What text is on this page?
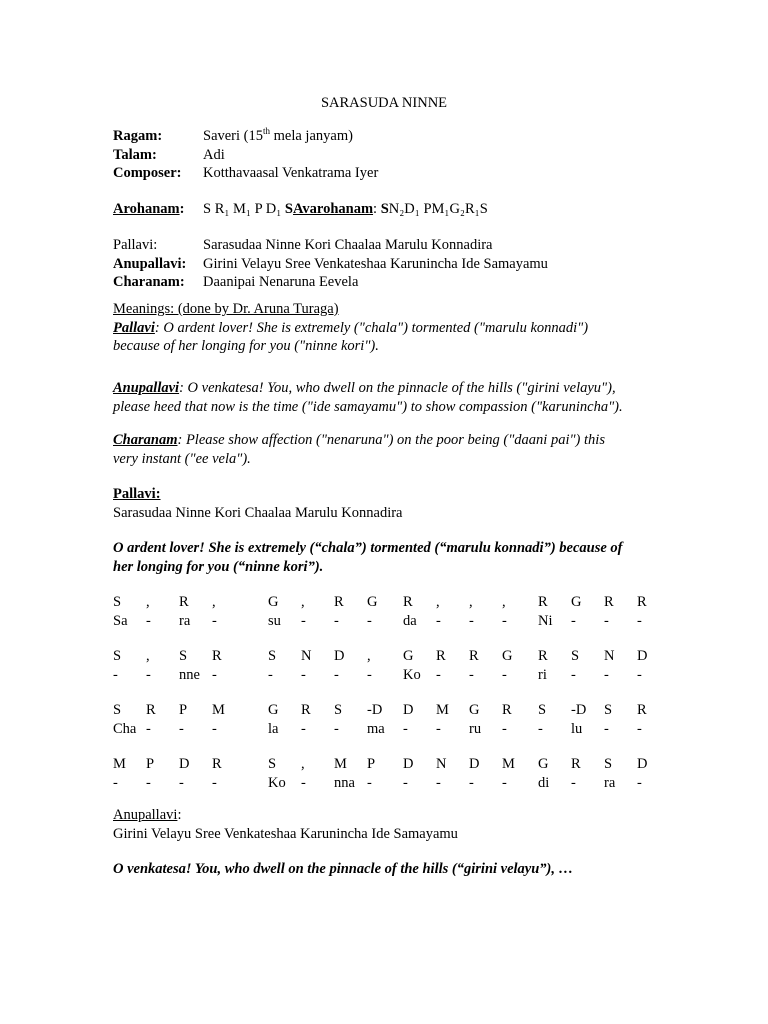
SARASUDA NINNE
Ragam:	Saveri (15th mela janyam)
Talam:	Adi
Composer: Kotthavaasal Venkatrama Iyer
Arohanam: S R₁ M₁ P D₁ SAvarohanam: SN₂D₁ PM₁G₂R₁S
Pallavi:	Sarasudaa Ninne Kori Chaalaa Marulu Konnadira
Anupallavi: Girini Velayu Sree Venkateshaa Karunincha Ide Samayamu
Charanam: Daanipai Nenaruna Eevela
Meanings: (done by Dr. Aruna Turaga)
Pallavi: O ardent lover! She is extremely ("chala") tormented ("marulu konnadi")
because of her longing for you ("ninne kori").
Anupallavi: O venkatesa! You, who dwell on the pinnacle of the hills ("girini velayu"),
please heed that now is the time ("ide samayamu") to show compassion ("karunincha").
Charanam: Please show affection ("nenaruna") on the poor being ("daani pai") this
very instant ("ee vela").
Pallavi:
Sarasudaa Ninne Kori Chaalaa Marulu Konnadira
O ardent lover! She is extremely (“chala”) tormented (“marulu konnadi”) because of
her longing for you (“ninne kori”).
S , R ,	G , R G R , , , R G R R
Sa - ra -	su - - - da - - - Ni - - -
S , S R	S N D , G R R G R S N D
- - nne -	- - - - Ko - - - ri - - -
S R P M	G R S -D D M G R S -D S R
Cha - - -	la - - ma - - ru - - lu - -
M P D R	S , M P D N D M G R S D
- - - -	Ko - nna - - - - - di - ra -
Anupallavi:
Girini Velayu Sree Venkateshaa Karunincha Ide Samayamu
O venkatesa! You, who dwell on the pinnacle of the hills (“girini velayu”), …
